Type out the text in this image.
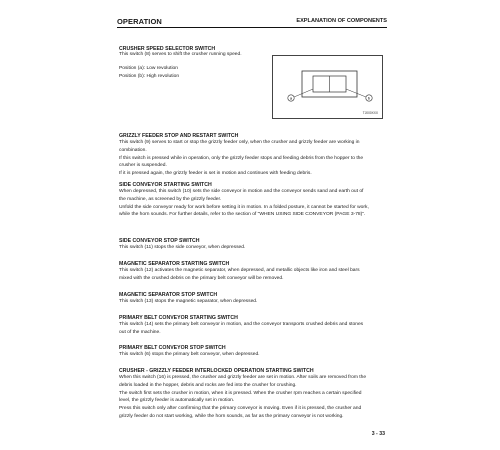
OPERATION	EXPLANATION OF COMPONENTS
CRUSHER SPEED SELECTOR SWITCH
This switch (8) serves to shift the crusher running speed.
Position (a): Low revolution
Position (b): High revolution
a	b
TJ000XXX
GRIZZLY FEEDER STOP AND RESTART SWITCH
This switch (9) serves to start or stop the grizzly feeder only, when the crusher and grizzly feeder are working in
combination.
If this switch is pressed while in operation, only the grizzly feeder stops and feeding debris from the hopper to the
crusher is suspended.
If it is pressed again, the grizzly feeder is set in motion and continues with feeding debris.
SIDE CONVEYOR STARTING SWITCH
When depressed, this switch (10) sets the side conveyor in motion and the conveyor sends sand and earth out of
the machine, as screened by the grizzly feeder.
Unfold the side conveyor ready for work before setting it in motion. In a folded posture, it cannot be started for work,
while the horn sounds. For further details, refer to the section of "WHEN USING SIDE CONVEYOR (PAGE 3-78)".
SIDE CONVEYOR STOP SWITCH
This switch (11) stops the side conveyor, when depressed.
MAGNETIC SEPARATOR STARTING SWITCH
This switch (12) activates the magnetic separator, when depressed, and metallic objects like iron and steel bars
mixed with the crushed debris on the primary belt conveyor will be removed.
MAGNETIC SEPARATOR STOP SWITCH
This switch (13) stops the magnetic separator, when depressed.
PRIMARY BELT CONVEYOR STARTING SWITCH
This switch (14) sets the primary belt conveyor in motion, and the conveyor transports crushed debris and stones
out of the machine.
PRIMARY BELT CONVEYOR STOP SWITCH
This switch (6) stops the primary belt conveyor, when depressed.
CRUSHER - GRIZZLY FEEDER INTERLOCKED OPERATION STARTING SWITCH
When this switch (16) is pressed, the crusher and grizzly feeder are set in motion. After soils are removed from the
debris loaded in the hopper, debris and rocks are fed into the crusher for crushing.
The switch first sets the crusher in motion, when it is pressed. When the crusher rpm reaches a certain specified
level, the grizzly feeder is automatically set in motion.
Press this switch only after confirming that the primary conveyor is moving. Even if it is pressed, the crusher and
grizzly feeder do not start working, while the horn sounds, as far as the primary conveyor is not working.
3 - 33
